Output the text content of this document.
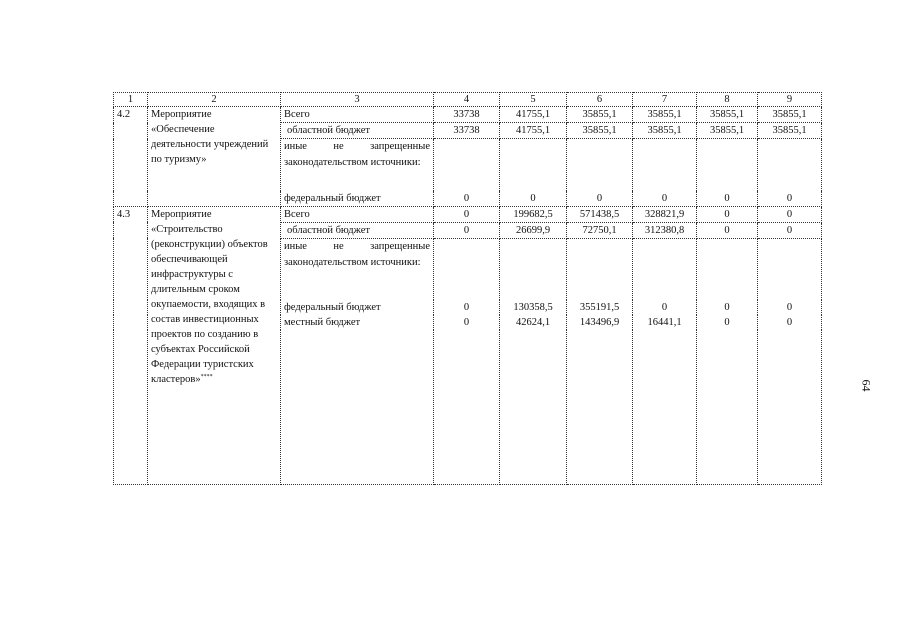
1	2	3	4	5	6	7	8	9
4.2	Мероприятие «Обеспечение деятельности учреждений по туризму»	Всего	33738	41755,1	35855,1	35855,1	35855,1	35855,1
		областной бюджет	33738	41755,1	35855,1	35855,1	35855,1	35855,1
		иные не запрещенные законодательством источники:						
		федеральный бюджет	0	0	0	0	0	0
4.3	Мероприятие «Строительство (реконструкции) объектов обеспечивающей инфраструктуры с длительным сроком окупаемости, входящих в состав инвестиционных проектов по созданию в субъектах Российской Федерации туристских кластеров»****	Всего	0	199682,5	571438,5	328821,9	0	0
		областной бюджет	0	26699,9	72750,1	312380,8	0	0
		иные не запрещенные законодательством источники:						
		федеральный бюджет	0	130358,5	355191,5	0	0	0
		местный бюджет	0	42624,1	143496,9	16441,1	0	0

64
